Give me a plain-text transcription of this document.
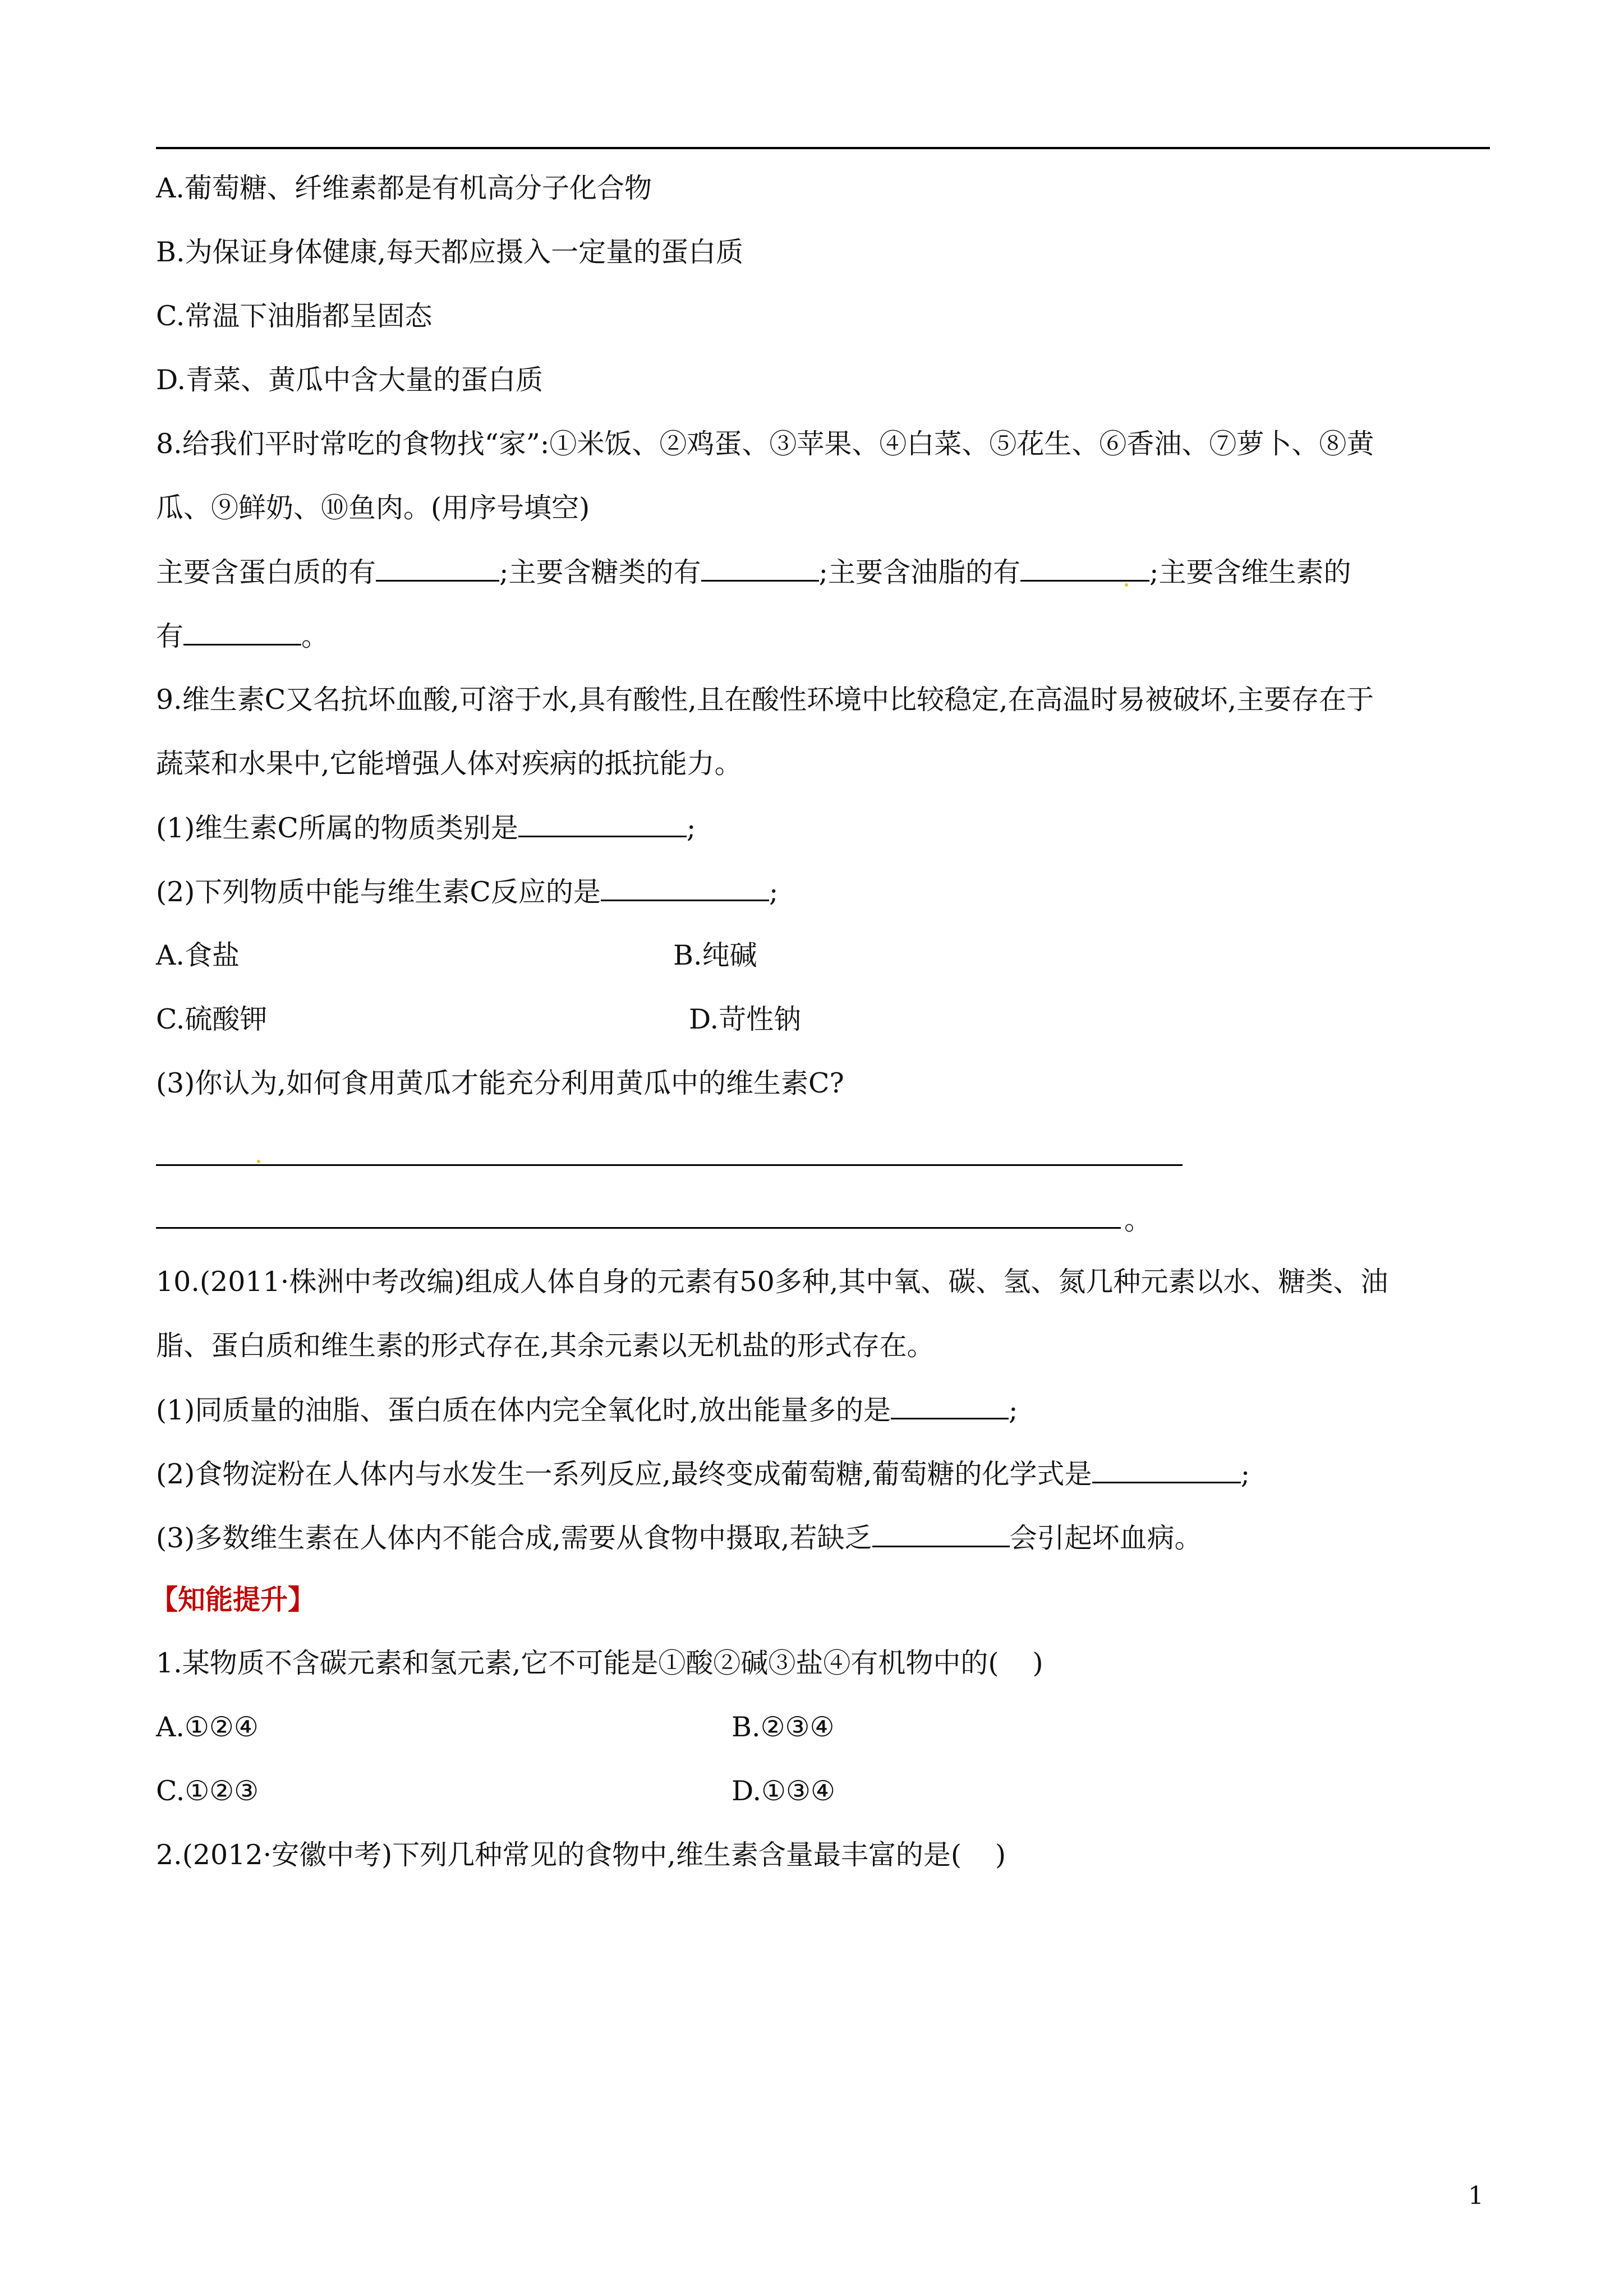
A.葡萄糖、纤维素都是有机高分子化合物
B.为保证身体健康,每天都应摄入一定量的蛋白质
C.常温下油脂都呈固态
D.青菜、黄瓜中含大量的蛋白质
8.给我们平时常吃的食物找“家”:①米饭、②鸡蛋、③苹果、④白菜、⑤花生、⑥香油、⑦萝卜、⑧黄
瓜、⑨鲜奶、⑩鱼肉。(用序号填空)
主要含蛋白质的有	;主要含糖类的有	;主要含油脂的有	;主要含维生素的
有	。
9.维生素C又名抗坏血酸,可溶于水,具有酸性,且在酸性环境中比较稳定,在高温时易被破坏,主要存在于
蔬菜和水果中,它能增强人体对疾病的抵抗能力。
(1)维生素C所属的物质类别是	;
(2)下列物质中能与维生素C反应的是	;
A.食盐	B.纯碱
C.硫酸钾	D.苛性钠
(3)你认为,如何食用黄瓜才能充分利用黄瓜中的维生素C?
。
10.(2011·株洲中考改编)组成人体自身的元素有50多种,其中氧、碳、氢、氮几种元素以水、糖类、油
脂、蛋白质和维生素的形式存在,其余元素以无机盐的形式存在。
(1)同质量的油脂、蛋白质在体内完全氧化时,放出能量多的是	;
(2)食物淀粉在人体内与水发生一系列反应,最终变成葡萄糖,葡萄糖的化学式是	;
(3)多数维生素在人体内不能合成,需要从食物中摄取,若缺乏	会引起坏血病。
【知能提升】
1.某物质不含碳元素和氢元素,它不可能是①酸②碱③盐④有机物中的( )
A.①②④	B.②③④
C.①②③	D.①③④
2.(2012·安徽中考)下列几种常见的食物中,维生素含量最丰富的是( )
1
